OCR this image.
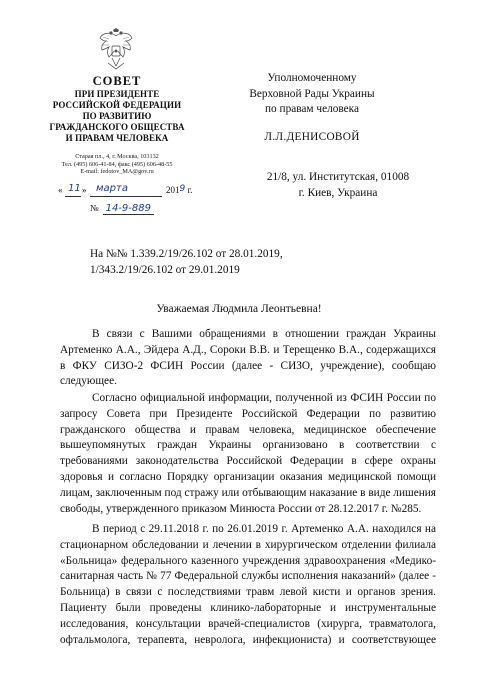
СОВЕТ
ПРИ ПРЕЗИДЕНТЕ
РОССИЙСКОЙ ФЕДЕРАЦИИ
ПО РАЗВИТИЮ
ГРАЖДАНСКОГО ОБЩЕСТВА
И ПРАВАМ ЧЕЛОВЕКА
Старая пл., 4, г. Москва, 103132
Тел. (495) 606-41-84, факс (495) 606-48-55
E-mail: fedotov_MA@gov.ru
« 11 » марта	2019 г.
№ 14-9-889
Уполномоченному
Верховной Рады Украины
по правам человека
Л.Л.ДЕНИСОВОЙ
21/8, ул. Институтская, 01008
г. Киев, Украина
На №№ 1.339.2/19/26.102 от 28.01.2019,
1/343.2/19/26.102 от 29.01.2019
Уважаемая Людмила Леонтьевна!
В связи с Вашими обращениями в отношении граждан Украины
Артеменко А.А., Эйдера А.Д., Сороки В.В. и Терещенко В.А., содержащихся
в ФКУ СИЗО-2 ФСИН России (далее - СИЗО, учреждение), сообщаю
следующее.
Согласно официальной информации, полученной из ФСИН России по
запросу Совета при Президенте Российской Федерации по развитию
гражданского общества и правам человека, медицинское обеспечение
вышеупомянутых граждан Украины организовано в соответствии с
требованиями законодательства Российской Федерации в сфере охраны
здоровья и согласно Порядку организации оказания медицинской помощи
лицам, заключенным под стражу или отбывающим наказание в виде лишения
свободы, утвержденного приказом Минюста России от 28.12.2017 г. №285.
В период с 29.11.2018 г. по 26.01.2019 г. Артеменко А.А. находился на
стационарном обследовании и лечении в хирургическом отделении филиала
«Больница» федерального казенного учреждения здравоохранения «Медико-
санитарная часть № 77 Федеральной службы исполнения наказаний» (далее -
Больница) в связи с последствиями травм левой кисти и органов зрения.
Пациенту были проведены клинико-лабораторные и инструментальные
исследования, консультации врачей-специалистов (хирурга, травматолога,
офтальмолога, терапевта, невролога, инфекциониста) и соответствующее
